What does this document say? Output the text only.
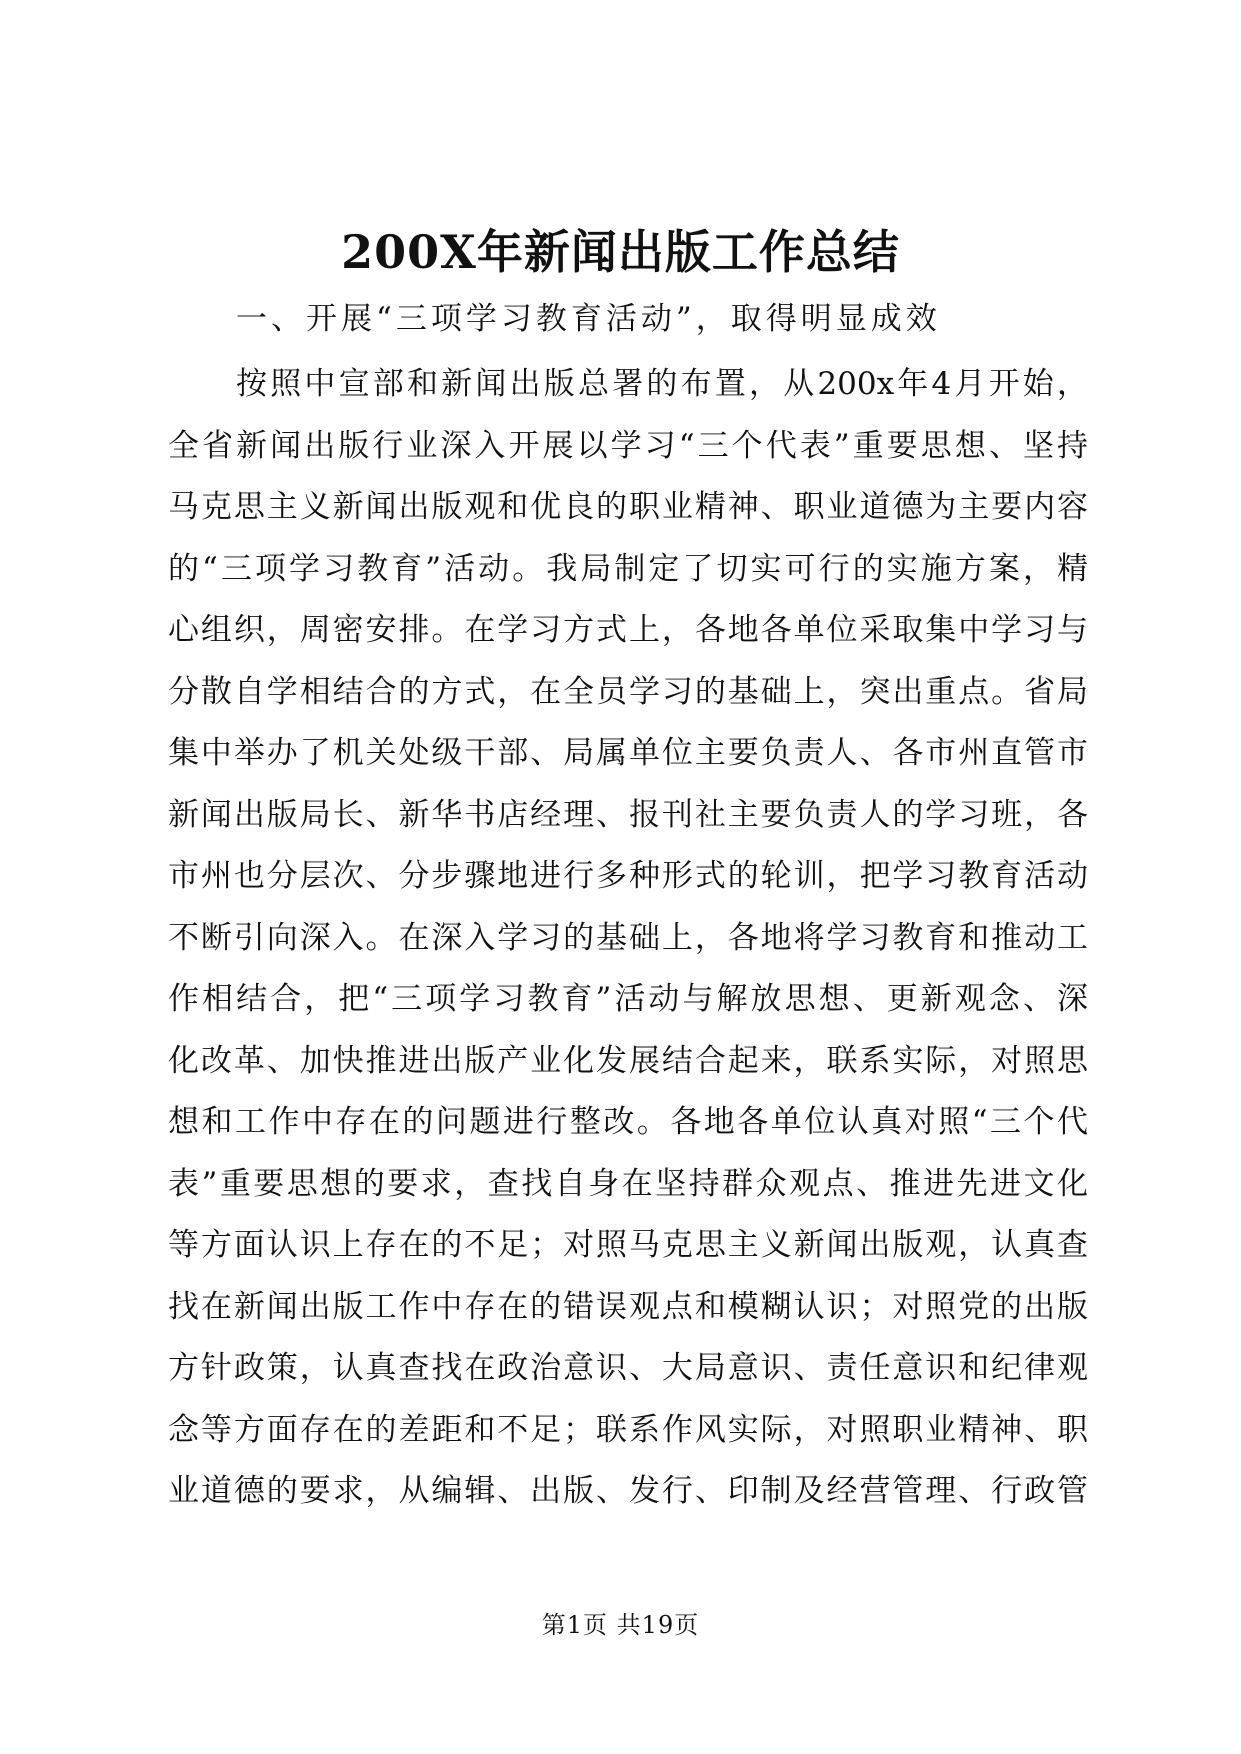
200X年新闻出版工作总结
一、开展“三项学习教育活动”，取得明显成效
按照中宣部和新闻出版总署的布置，从200x年4月开始，
全省新闻出版行业深入开展以学习“三个代表”重要思想、坚持
马克思主义新闻出版观和优良的职业精神、职业道德为主要内容
的“三项学习教育”活动。我局制定了切实可行的实施方案，精
心组织，周密安排。在学习方式上，各地各单位采取集中学习与
分散自学相结合的方式，在全员学习的基础上，突出重点。省局
集中举办了机关处级干部、局属单位主要负责人、各市州直管市
新闻出版局长、新华书店经理、报刊社主要负责人的学习班，各
市州也分层次、分步骤地进行多种形式的轮训，把学习教育活动
不断引向深入。在深入学习的基础上，各地将学习教育和推动工
作相结合，把“三项学习教育”活动与解放思想、更新观念、深
化改革、加快推进出版产业化发展结合起来，联系实际，对照思
想和工作中存在的问题进行整改。各地各单位认真对照“三个代
表”重要思想的要求，查找自身在坚持群众观点、推进先进文化
等方面认识上存在的不足；对照马克思主义新闻出版观，认真查
找在新闻出版工作中存在的错误观点和模糊认识；对照党的出版
方针政策，认真查找在政治意识、大局意识、责任意识和纪律观
念等方面存在的差距和不足；联系作风实际，对照职业精神、职
业道德的要求，从编辑、出版、发行、印制及经营管理、行政管
第1页 共19页
